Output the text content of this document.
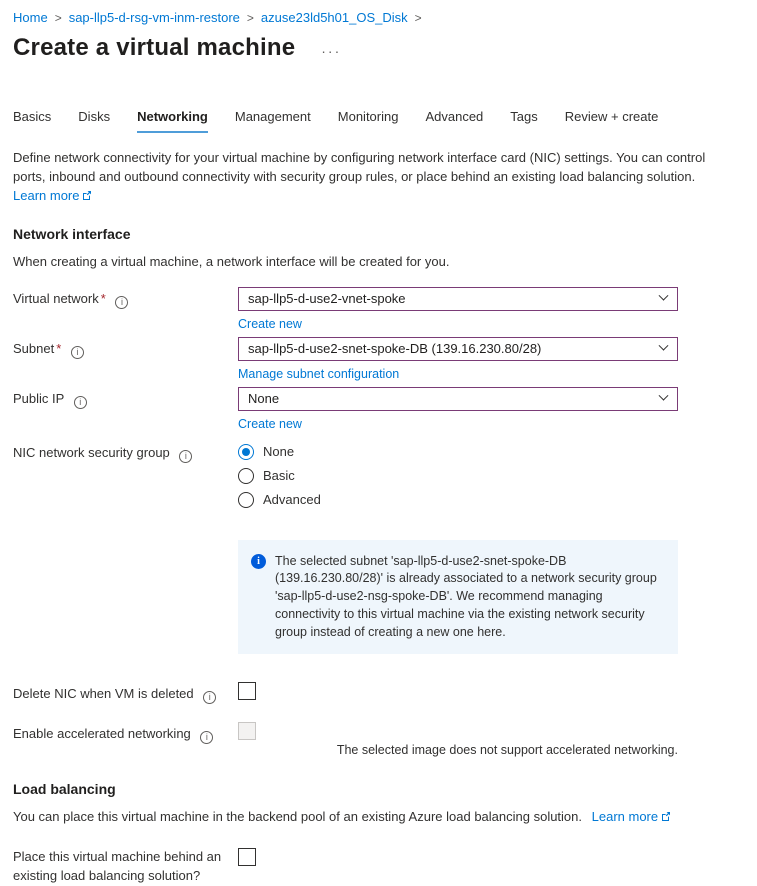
Home > sap-llp5-d-rsg-vm-inm-restore > azuse23ld5h01_OS_Disk >
Create a virtual machine ···
Basics Disks Networking Management Monitoring Advanced Tags Review + create
Define network connectivity for your virtual machine by configuring network interface card (NIC) settings. You can control ports, inbound and outbound connectivity with security group rules, or place behind an existing load balancing solution.
Learn more
Network interface

When creating a virtual machine, a network interface will be created for you.

Virtual network * i	sap-llp5-d-use2-vnet-spoke
Create new
Subnet * i	sap-llp5-d-use2-snet-spoke-DB (139.16.230.80/28)
Manage subnet configuration
Public IP i	None
Create new
NIC network security group i	None
Basic
Advanced
i	The selected subnet 'sap-llp5-d-use2-snet-spoke-DB (139.16.230.80/28)' is already associated to a network security group 'sap-llp5-d-use2-nsg-spoke-DB'. We recommend managing connectivity to this virtual machine via the existing network security group instead of creating a new one here.
Delete NIC when VM is deleted i
Enable accelerated networking i
The selected image does not support accelerated networking.
Load balancing

You can place this virtual machine in the backend pool of an existing Azure load balancing solution. Learn more

Place this virtual machine behind an existing load balancing solution?
